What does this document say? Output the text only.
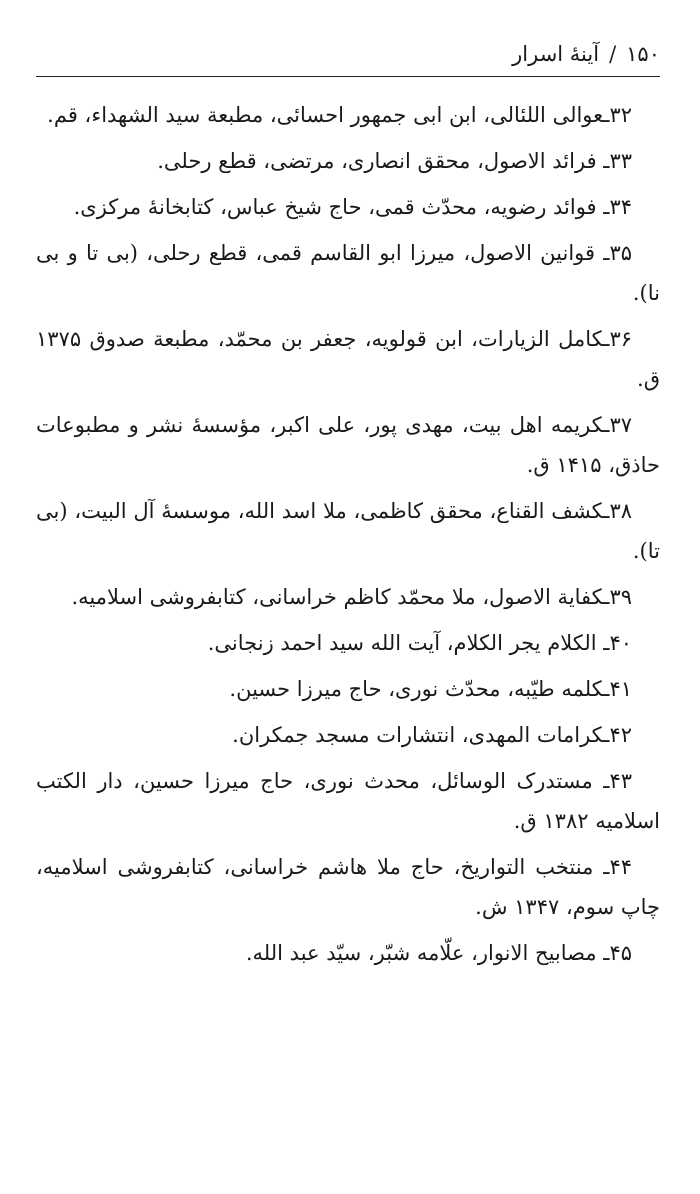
۱۵۰
/
آینهٔ اسرار

۳۲ـعوالی اللئالی، ابن ابی جمهور احسائی، مطبعة سید الشهداء، قم.

۳۳ـ فرائد الاصول، محقق انصاری، مرتضی، قطع رحلی.

۳۴ـ فوائد رضویه، محدّث قمی، حاج شیخ عباس، کتابخانهٔ مرکزی.

۳۵ـ قوانین الاصول، میرزا ابو القاسم قمی، قطع رحلی، (بی تا و بی نا).

۳۶ـکامل الزیارات، ابن قولویه، جعفر بن محمّد، مطبعة صدوق ۱۳۷۵ ق.

۳۷ـکریمه اهل بیت، مهدی پور، علی اکبر، مؤسسهٔ نشر و مطبوعات حاذق، ۱۴۱۵ ق.

۳۸ـکشف القناع، محقق کاظمی، ملا اسد الله، موسسهٔ آل البیت، (بی تا).

۳۹ـکفایة الاصول، ملا محمّد کاظم خراسانی، کتابفروشی اسلامیه.

۴۰ـ الکلام یجر الکلام، آیت الله سید احمد زنجانی.

۴۱ـکلمه طیّبه، محدّث نوری، حاج میرزا حسین.

۴۲ـکرامات المهدی، انتشارات مسجد جمکران.

۴۳ـ مستدرک الوسائل، محدث نوری، حاج میرزا حسین، دار الکتب اسلامیه ۱۳۸۲ ق.

۴۴ـ منتخب التواریخ، حاج ملا هاشم خراسانی، کتابفروشی اسلامیه، چاپ سوم، ۱۳۴۷ ش.

۴۵ـ مصابیح الانوار، علّامه شبّر، سیّد عبد الله.
